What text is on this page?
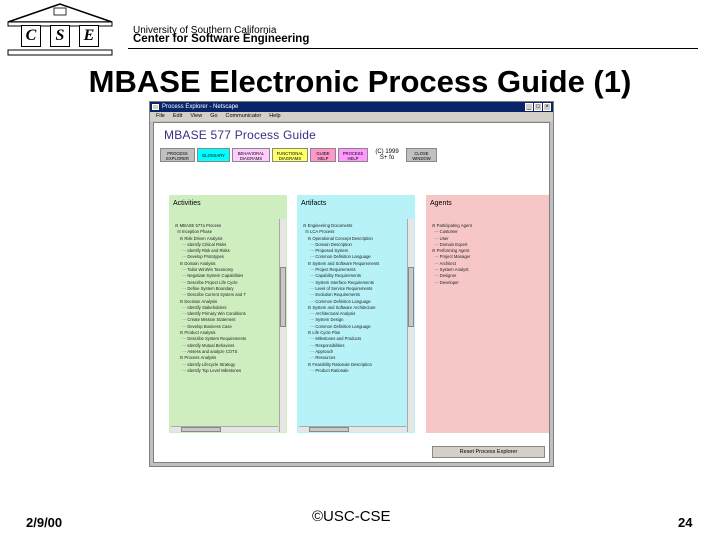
C	S	E	University of Southern California
Center for Software Engineering
MBASE Electronic Process Guide (1)
Process Explorer - Netscape	_ □ ×
File Edit View Go Communicator Help
MBASE 577 Process Guide
PROCESS
EXPLORER
GLOSSARY	BEHAVIORAL
DIAGRAMS
FUNCTIONAL
DIAGRAMS
GUIDE
HELP
PROCESS
HELP
(C) 1999
S+ fo
CLOSE
WINDOW
Activities
⊟ MBASE 577a Process
⊟ Inception Phase
⊟ Risk Driven Analysis
··· Identify Critical Risks
··· Identify Risk and Risks
··· Develop Prototypes
⊟ Domain Analysis
··· Tailor WinWin Taxonomy
··· Negotiate System Capabilities
··· Describe Project Life Cycle
··· Define System Boundary
··· Describe Current System and T
⊟ Decision Analysis
··· Identify Stakeholders
··· Identify Primary Win Conditions
··· Create Mission Statement
··· Develop Business Case
⊟ Product Analysis
··· Describe System Requirements
··· Identify Mutual Behaviors
··· Assess and analyze COTS
⊟ Process Analysis
··· Identify Lifecycle Strategy
··· Identify Top Level Milestones
Artifacts
⊟ Engineering Documents
⊟ LCA Process
⊟ Operational Concept Description
··· Domain Description
··· Proposed System
··· Common Definition Language
⊟ System and Software Requirements
··· Project Requirements
··· Capability Requirements
··· System Interface Requirements
··· Level of Service Requirements
··· Evolution Requirements
··· Common Definition Language
⊟ System and Software Architecture
··· Architectural Analysis
··· System Design
··· Common Definition Language
⊟ Life Cycle Plan
··· Milestones and Products
··· Responsibilities
··· Approach
··· Resources
⊟ Feasibility Rationale Description
··· Product Rationale
Agents
⊟ Participating Agent
··· Customer
··· User
··· Domain Expert
⊟ Performing Agent
··· Project Manager
··· Architect
··· System Analyst
··· Designer
··· Developer
Reset Process Explorer
2/9/00	©USC-CSE	24
